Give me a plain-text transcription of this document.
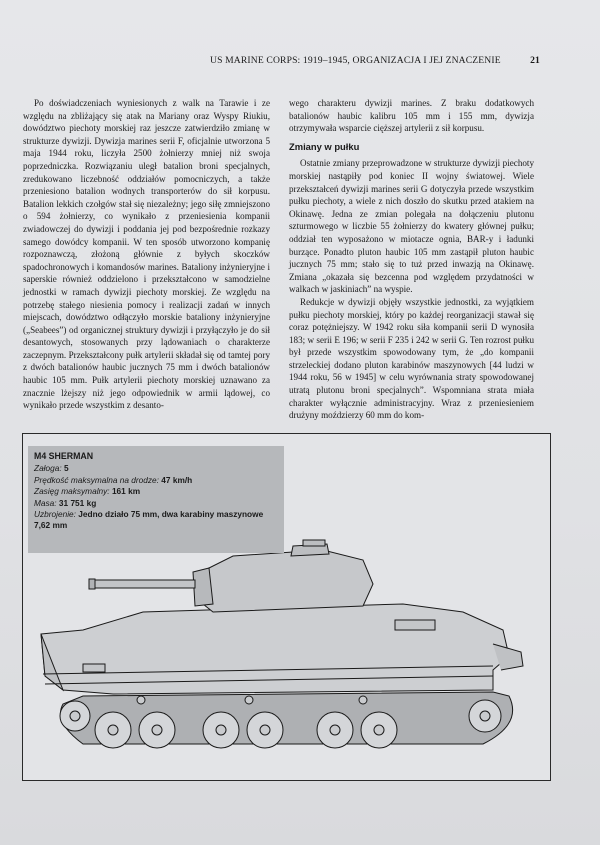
US MARINE CORPS: 1919–1945, ORGANIZACJA I JEJ ZNACZENIE	21

Po doświadczeniach wyniesionych z walk na Tarawie i ze względu na zbliżający się atak na Mariany oraz Wyspy Riukiu, dowództwo piechoty morskiej raz jeszcze zatwierdziło zmianę w strukturze dywizji. Dywizja marines serii F, oficjalnie utworzona 5 maja 1944 roku, liczyła 2500 żołnierzy mniej niż swoja poprzedniczka. Rozwiązaniu uległ batalion broni specjalnych, zredukowano liczebność oddziałów pomocniczych, a także przeniesiono batalion wodnych transporterów do sił korpusu. Batalion lekkich czołgów stał się niezależny; jego siłę zmniejszono o 594 żołnierzy, co wynikało z przeniesienia kompanii zwiadowczej do dywizji i poddania jej pod bezpośrednie rozkazy samego dowódcy kompanii. W ten sposób utworzono kompanię rozpoznawczą, złożoną głównie z byłych skoczków spadochronowych i komandosów marines. Bataliony inżynieryjne i saperskie również oddzielono i przekształcono w samodzielne jednostki w ramach dywizji piechoty morskiej. Ze względu na potrzebę stałego niesienia pomocy i realizacji zadań w innych miejscach, dowództwo odłączyło morskie bataliony inżynieryjne („Seabees”) od organicznej struktury dywizji i przyłączyło je do sił desantowych, stosowanych przy lądowaniach o charakterze zaczepnym. Przekształcony pułk artylerii składał się od tamtej pory z dwóch batalionów haubic jucznych 75 mm i dwóch batalionów haubic 105 mm. Pułk artylerii piechoty morskiej uznawano za znacznie lżejszy niż jego odpowiednik w armii lądowej, co wynikało przede wszystkim z desanto-

wego charakteru dywizji marines. Z braku dodatkowych batalionów haubic kalibru 105 mm i 155 mm, dywizja otrzymywała wsparcie cięższej artylerii z sił korpusu.

Zmiany w pułku

Ostatnie zmiany przeprowadzone w strukturze dywizji piechoty morskiej nastąpiły pod koniec II wojny światowej. Wiele przekształceń dywizji marines serii G dotyczyła przede wszystkim pułku piechoty, a wiele z nich doszło do skutku przed atakiem na Okinawę. Jedna ze zmian polegała na dołączeniu plutonu szturmowego w liczbie 55 żołnierzy do kwatery głównej pułku; oddział ten wyposażono w miotacze ognia, BAR-y i ładunki burzące. Ponadto pluton haubic 105 mm zastąpił pluton haubic jucznych 75 mm; stało się to tuż przed inwazją na Okinawę. Zmiana „okazała się bezcenna pod względem przydatności w walkach w jaskiniach” na wyspie.

Redukcje w dywizji objęły wszystkie jednostki, za wyjątkiem pułku piechoty morskiej, który po każdej reorganizacji stawał się coraz potężniejszy. W 1942 roku siła kompanii serii D wynosiła 183; w serii E 196; w serii F 235 i 242 w serii G. Ten rozrost pułku był przede wszystkim spowodowany tym, że „do kompanii strzeleckiej dodano pluton karabinów maszynowych [44 ludzi w 1944 roku, 56 w 1945] w celu wyrównania straty spowodowanej utratą plutonu broni specjalnych”. Wspomniana strata miała charakter wyłącznie administracyjny. Wraz z przeniesieniem drużyny moździerzy 60 mm do kom-

M4 SHERMAN
Załoga: 5
Prędkość maksymalna na drodze: 47 km/h
Zasięg maksymalny: 161 km
Masa: 31 751 kg
Uzbrojenie: Jedno działo 75 mm, dwa karabiny maszynowe 7,62 mm
